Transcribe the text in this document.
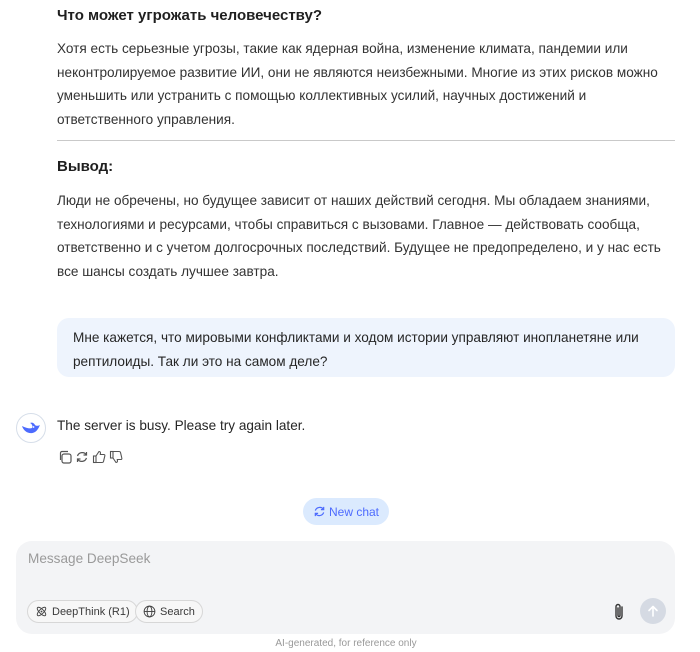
Что может угрожать человечеству?
Хотя есть серьезные угрозы, такие как ядерная война, изменение климата, пандемии или неконтролируемое развитие ИИ, они не являются неизбежными. Многие из этих рисков можно уменьшить или устранить с помощью коллективных усилий, научных достижений и ответственного управления.
Вывод:
Люди не обречены, но будущее зависит от наших действий сегодня. Мы обладаем знаниями, технологиями и ресурсами, чтобы справиться с вызовами. Главное — действовать сообща, ответственно и с учетом долгосрочных последствий. Будущее не предопределено, и у нас есть все шансы создать лучшее завтра.
Мне кажется, что мировыми конфликтами и ходом истории управляют инопланетяне или рептилоиды. Так ли это на самом деле?
The server is busy. Please try again later.
New chat
Message DeepSeek
DeepThink (R1)	Search
AI-generated, for reference only
